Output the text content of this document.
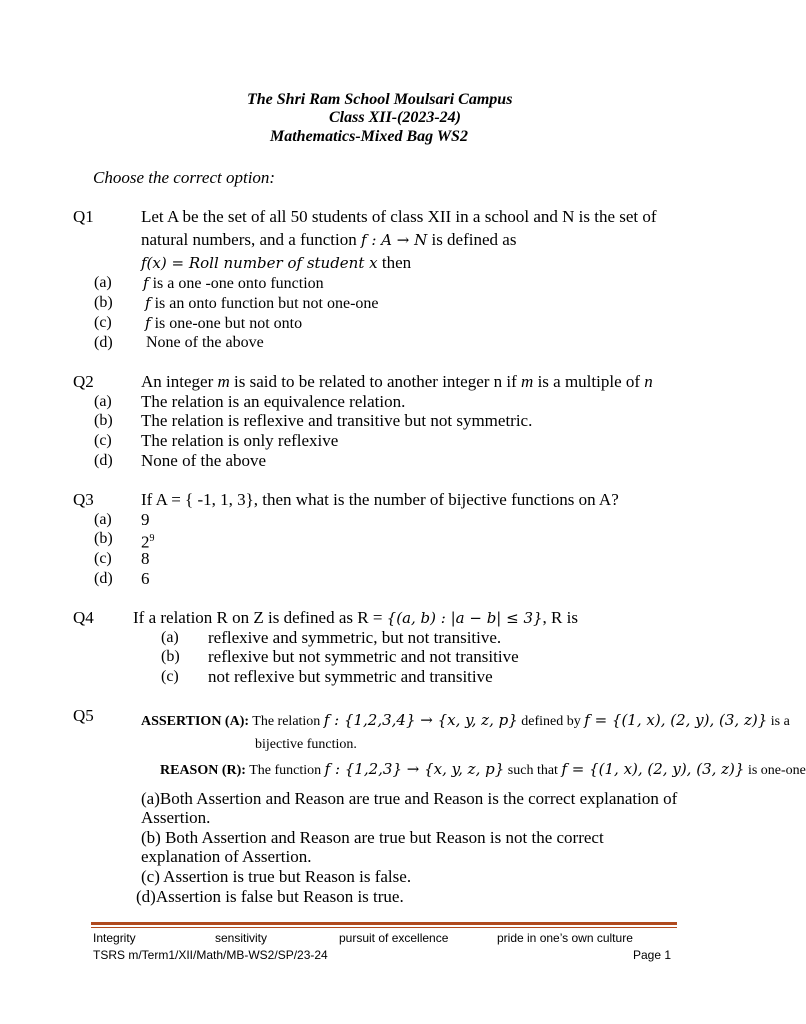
The Shri Ram School Moulsari Campus
Class XII-(2023-24)
Mathematics-Mixed Bag WS2
Choose the correct option:
Q1	Let A be the set of all 50 students of class XII in a school and N is the set of
natural numbers, and a function f : A → N is defined as
f(x) = Roll number of student x then
(a) f is a one -one onto function
(b) f is an onto function but not one-one
(c) f is one-one but not onto
(d) None of the above
Q2	An integer m is said to be related to another integer n if m is a multiple of n
(a) The relation is an equivalence relation.
(b) The relation is reflexive and transitive but not symmetric.
(c) The relation is only reflexive
(d) None of the above
Q3	If A = { -1, 1, 3}, then what is the number of bijective functions on A?
(a) 9
(b) $2^9$
(c) 8
(d) 6
Q4 If a relation R on Z is defined as R = {(a, b) : |a − b| ≤ 3}, R is
(a) reflexive and symmetric, but not transitive.
(b) reflexive but not symmetric and not transitive
(c) not reflexive but symmetric and transitive
Q5	ASSERTION (A): The relation f : {1,2,3,4} → {x, y, z, p} defined by f = {(1, x), (2, y), (3, z)} is a
bijective function.
REASON (R): The function f : {1,2,3} → {x, y, z, p} such that f = {(1, x), (2, y), (3, z)} is one-one
(a)Both Assertion and Reason are true and Reason is the correct explanation of
Assertion.
(b) Both Assertion and Reason are true but Reason is not the correct
explanation of Assertion.
(c) Assertion is true but Reason is false.
(d)Assertion is false but Reason is true.
Integrity	sensitivity	pursuit of excellence	pride in one’s own culture
TSRS m/Term1/XII/Math/MB-WS2/SP/23-24	Page 1
